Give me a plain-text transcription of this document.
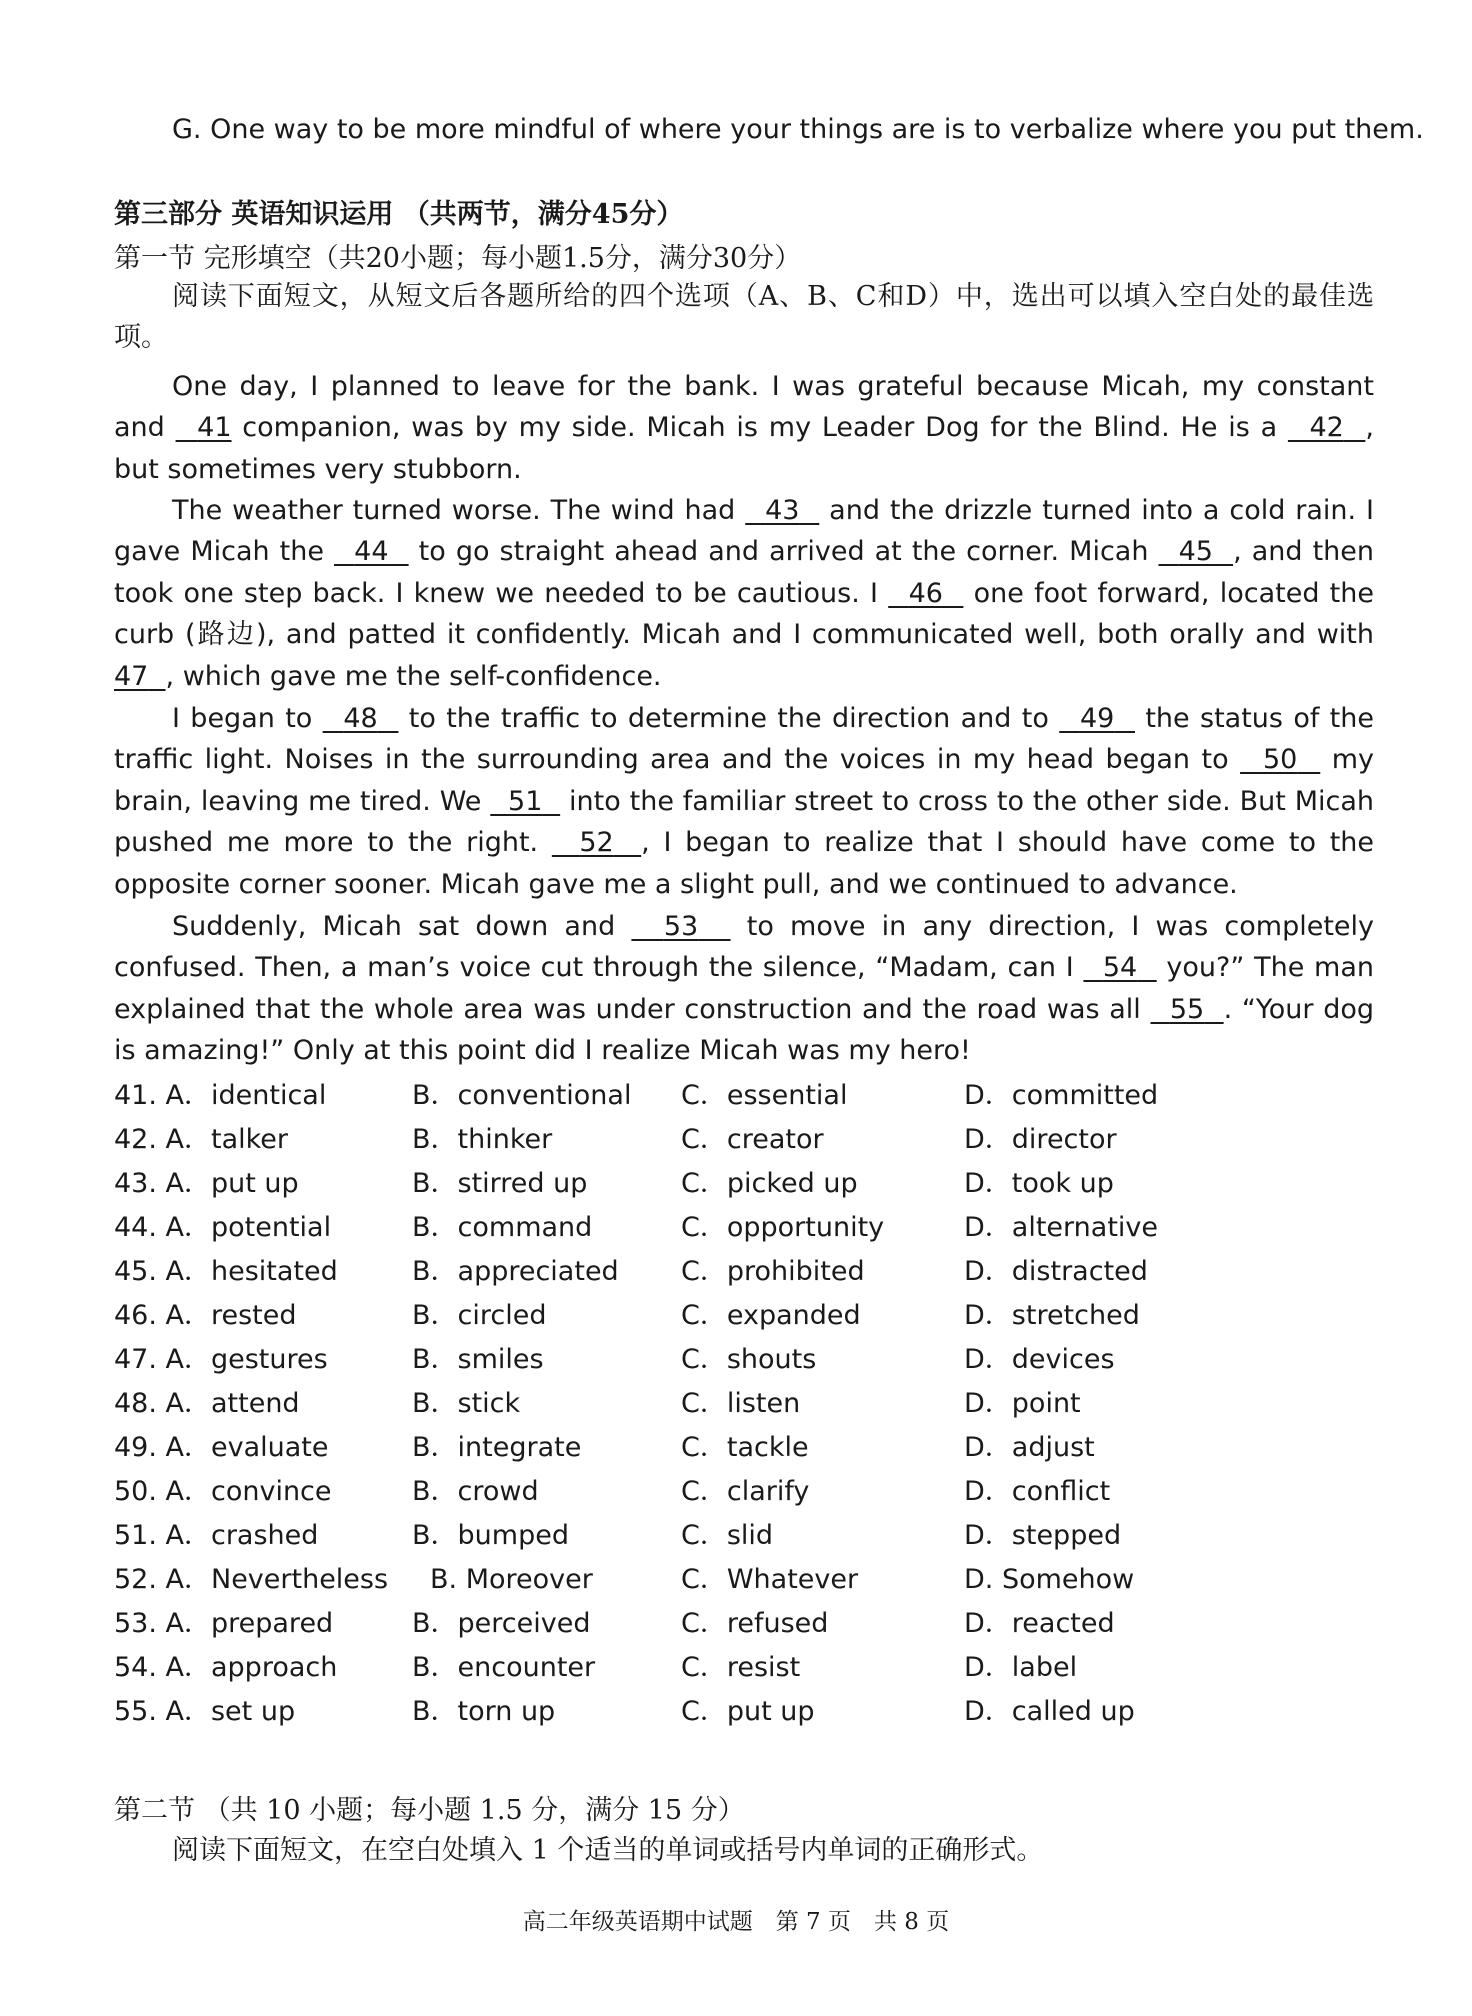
G. One way to be more mindful of where your things are is to verbalize where you put them.

第三部分 英语知识运用 （共两节，满分45分）

第一节 完形填空（共20小题；每小题1.5分，满分30分）

阅读下面短文，从短文后各题所给的四个选项（A、B、C和D）中，选出可以填入空白处的最佳选项。

One day, I planned to leave for the bank. I was grateful because Micah, my constant and   41 companion, was by my side. Micah is my Leader Dog for the Blind. He is a   42 , but sometimes very stubborn.

The weather turned worse. The wind had   43   and the drizzle turned into a cold rain. I gave Micah the   44   to go straight ahead and arrived at the corner. Micah   45 , and then took one step back. I knew we needed to be cautious. I   46   one foot forward, located the curb (路边), and patted it confidently. Micah and I communicated well, both orally and with 47 , which gave me the self-confidence.

I began to   48   to the traffic to determine the direction and to   49   the status of the traffic light. Noises in the surrounding area and the voices in my head began to   50   my brain, leaving me tired. We   51   into the familiar street to cross to the other side. But Micah pushed me more to the right.   52 , I began to realize that I should have come to the opposite corner sooner. Micah gave me a slight pull, and we continued to advance.

Suddenly, Micah sat down and   53   to move in any direction, I was completely confused. Then, a man’s voice cut through the silence, “Madam, can I   54   you?” The man explained that the whole area was under construction and the road was all   55 . “Your dog is amazing!” Only at this point did I realize Micah was my hero!

41. A．identical	B．conventional C．essential	D．committed
42. A．talker	B．thinker	C．creator	D．director
43. A．put up	B．stirred up	C．picked up	D．took up
44. A．potential	B．command	C．opportunity	D．alternative
45. A．hesitated	B．appreciated C．prohibited	D．distracted
46. A．rested	B．circled	C．expanded	D．stretched
47. A．gestures	B．smiles	C．shouts	D．devices
48. A．attend	B．stick	C．listen	D．point
49. A．evaluate	B．integrate	C．tackle	D．adjust
50. A．convince	B．crowd	C．clarify	D．conflict
51. A．crashed	B．bumped	C．slid	D．stepped
52. A．Nevertheless B. Moreover	C．Whatever	D. Somehow
53. A．prepared	B．perceived	C．refused	D．reacted
54. A．approach	B．encounter	C．resist	D．label
55. A．set up	B．torn up	C．put up	D．called up

第二节 （共 10 小题；每小题 1.5 分，满分 15 分）

阅读下面短文，在空白处填入 1 个适当的单词或括号内单词的正确形式。

高二年级英语期中试题　第 7 页　共 8 页
